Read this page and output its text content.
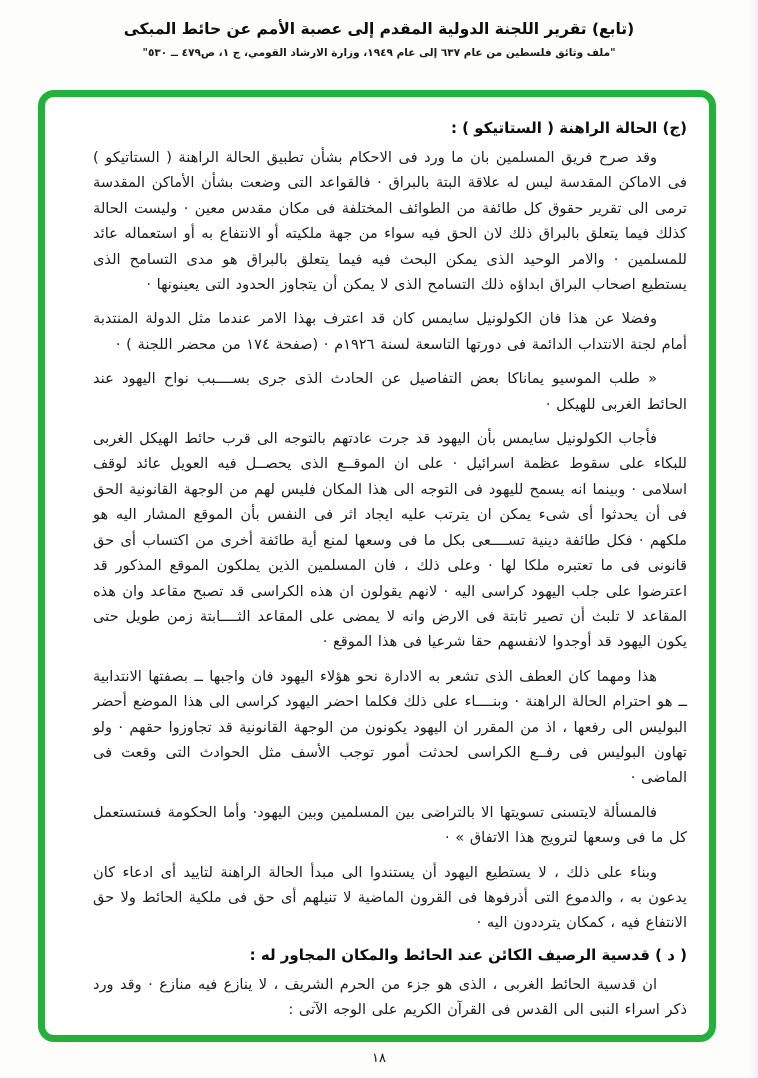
(تابع) تقرير اللجنة الدولية المقدم إلى عصبة الأمم عن حائط المبكى
"ملف وثائق فلسطين من عام ٦٣٧ إلى عام ١٩٤٩، وزارة الارشاد القومي، ج ١، ص٤٧٩ ــ ٥٣٠"
(ج) الحالة الراهنة ( الستاتيكو ) :

وقد صرح فريق المسلمين بان ما ورد فى الاحكام بشأن تطبيق الحالة الراهنة ( الستاتيكو ) فى الاماكن المقدسة ليس له علاقة البتة بالبراق · فالقواعد التى وضعت بشأن الأماكن المقدسة ترمى الى تقرير حقوق كل طائفة من الطوائف المختلفة فى مكان مقدس معين · وليست الحالة كذلك فيما يتعلق بالبراق ذلك لان الحق فيه سواء من جهة ملكيته أو الانتفاع به أو استعماله عائد للمسلمين · والامر الوحيد الذى يمكن البحث فيه فيما يتعلق بالبراق هو مدى التسامح الذى يستطيع اصحاب البراق ابداؤه ذلك التسامح الذى لا يمكن أن يتجاوز الحدود التى يعينونها ·

وفضلا عن هذا فان الكولونيل سايمس كان قد اعترف بهذا الامر عندما مثل الدولة المنتدبة أمام لجنة الانتداب الدائمة فى دورتها التاسعة لسنة ١٩٢٦م · (صفحة ١٧٤ من محضر اللجنة ) ·

« طلب الموسيو يماناكا بعض التفاصيل عن الحادث الذى جرى بســــبب نواح اليهود عند الحائط الغربى للهيكل ·

فأجاب الكولونيل سايمس بأن اليهود قد جرت عادتهم بالتوجه الى قرب حائط الهيكل الغربى للبكاء على سقوط عظمة اسرائيل · على ان الموقــع الذى يحصــل فيه العويل عائد لوقف اسلامى · وبينما انه يسمح لليهود فى التوجه الى هذا المكان فليس لهم من الوجهة القانونية الحق فى أن يحدثوا أى شىء يمكن ان يترتب عليه ايجاد اثر فى النفس بأن الموقع المشار اليه هو ملكهم · فكل طائفة دينية تســــعى بكل ما فى وسعها لمنع أية طائفة أخرى من اكتساب أى حق قانونى فى ما تعتبره ملكا لها · وعلى ذلك ، فان المسلمين الذين يملكون الموقع المذكور قد اعترضوا على جلب اليهود كراسى اليه · لانهم يقولون ان هذه الكراسى قد تصبح مقاعد وان هذه المقاعد لا تلبث أن تصير ثابتة فى الارض وانه لا يمضى على المقاعد الثــــابتة زمن طويل حتى يكون اليهود قد أوجدوا لانفسهم حقا شرعيا فى هذا الموقع ·

هذا ومهما كان العطف الذى تشعر به الادارة نحو هؤلاء اليهود فان واجبها ــ بصفتها الانتدابية ــ هو احترام الحالة الراهنة · وبنــــاء على ذلك فكلما احضر اليهود كراسى الى هذا الموضع أحضر البوليس الى رفعها ، اذ من المقرر ان اليهود يكونون من الوجهة القانونية قد تجاوزوا حقهم · ولو تهاون البوليس فى رفــع الكراسى لحدثت أمور توجب الأسف مثل الحوادث التى وقعت فى الماضى ·

فالمسألة لايتسنى تسويتها الا بالتراضى بين المسلمين وبين اليهود· وأما الحكومة فستستعمل كل ما فى وسعها لترويج هذا الاتفاق » ·

وبناء على ذلك ، لا يستطيع اليهود أن يستندوا الى مبدأ الحالة الراهنة لتاييد أى ادعاء كان يدعون به ، والدموع التى أذرفوها فى القرون الماضية لا تنيلهم أى حق فى ملكية الحائط ولا حق الانتفاع فيه ، كمكان يترددون اليه ·

( د ) قدسية الرصيف الكائن عند الحائط والمكان المجاور له :

ان قدسية الحائط الغربى ، الذى هو جزء من الحرم الشريف ، لا ينازع فيه منازع · وقد ورد ذكر اسراء النبى الى القدس فى القرآن الكريم على الوجه الآتى :

١٨
